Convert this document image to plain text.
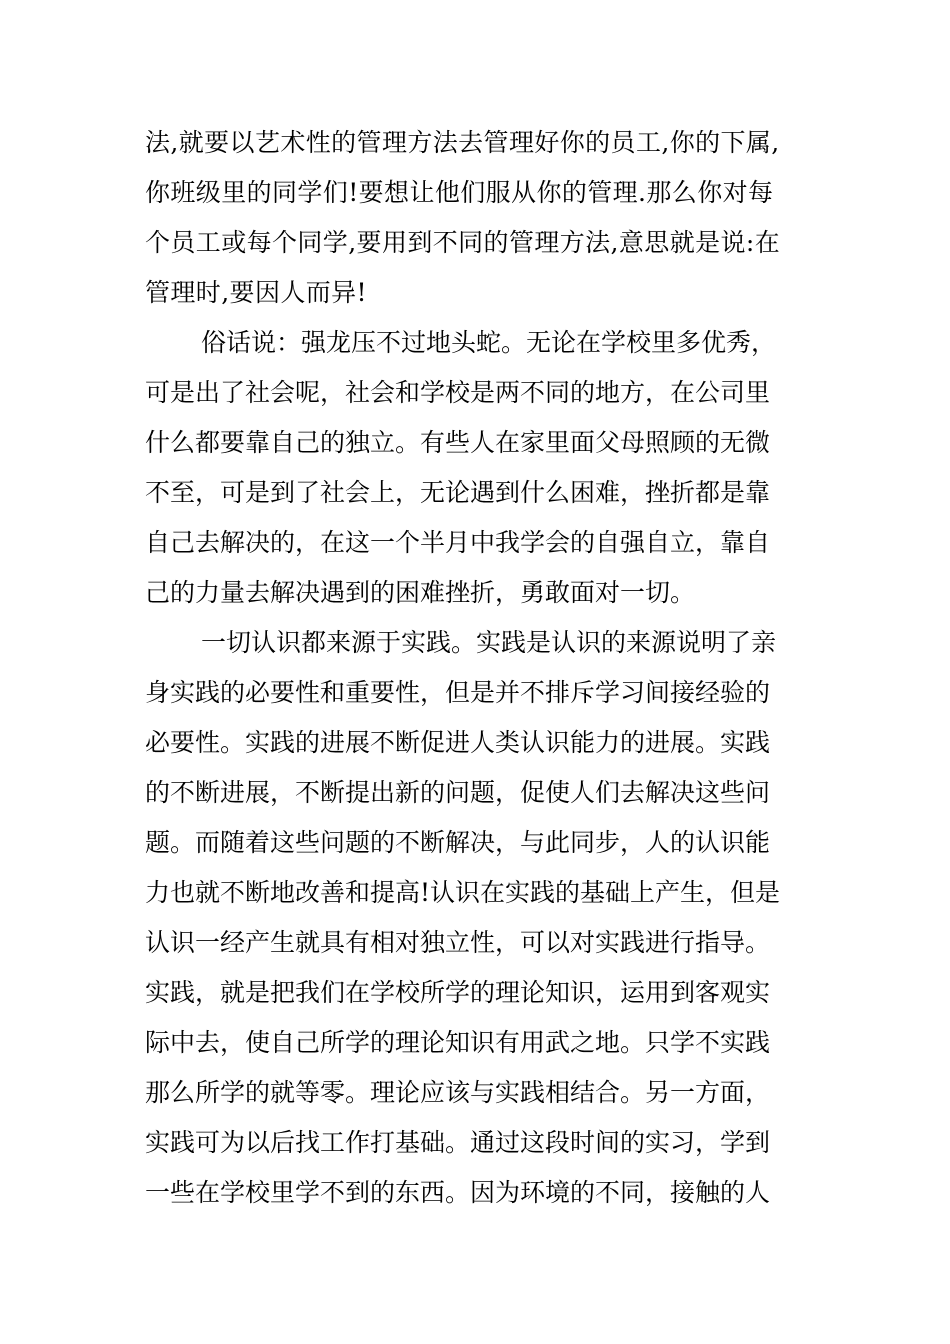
法,就要以艺术性的管理方法去管理好你的员工,你的下属,
你班级里的同学们!要想让他们服从你的管理.那么你对每
个员工或每个同学,要用到不同的管理方法,意思就是说:在
管理时,要因人而异!
俗话说：强龙压不过地头蛇。无论在学校里多优秀，
可是出了社会呢，社会和学校是两不同的地方，在公司里
什么都要靠自己的独立。有些人在家里面父母照顾的无微
不至，可是到了社会上，无论遇到什么困难，挫折都是靠
自己去解决的，在这一个半月中我学会的自强自立，靠自
己的力量去解决遇到的困难挫折，勇敢面对一切。
一切认识都来源于实践。实践是认识的来源说明了亲
身实践的必要性和重要性，但是并不排斥学习间接经验的
必要性。实践的进展不断促进人类认识能力的进展。实践
的不断进展，不断提出新的问题，促使人们去解决这些问
题。而随着这些问题的不断解决，与此同步，人的认识能
力也就不断地改善和提高!认识在实践的基础上产生，但是
认识一经产生就具有相对独立性，可以对实践进行指导。
实践，就是把我们在学校所学的理论知识，运用到客观实
际中去，使自己所学的理论知识有用武之地。只学不实践
那么所学的就等零。理论应该与实践相结合。另一方面，
实践可为以后找工作打基础。通过这段时间的实习，学到
一些在学校里学不到的东西。因为环境的不同，接触的人
